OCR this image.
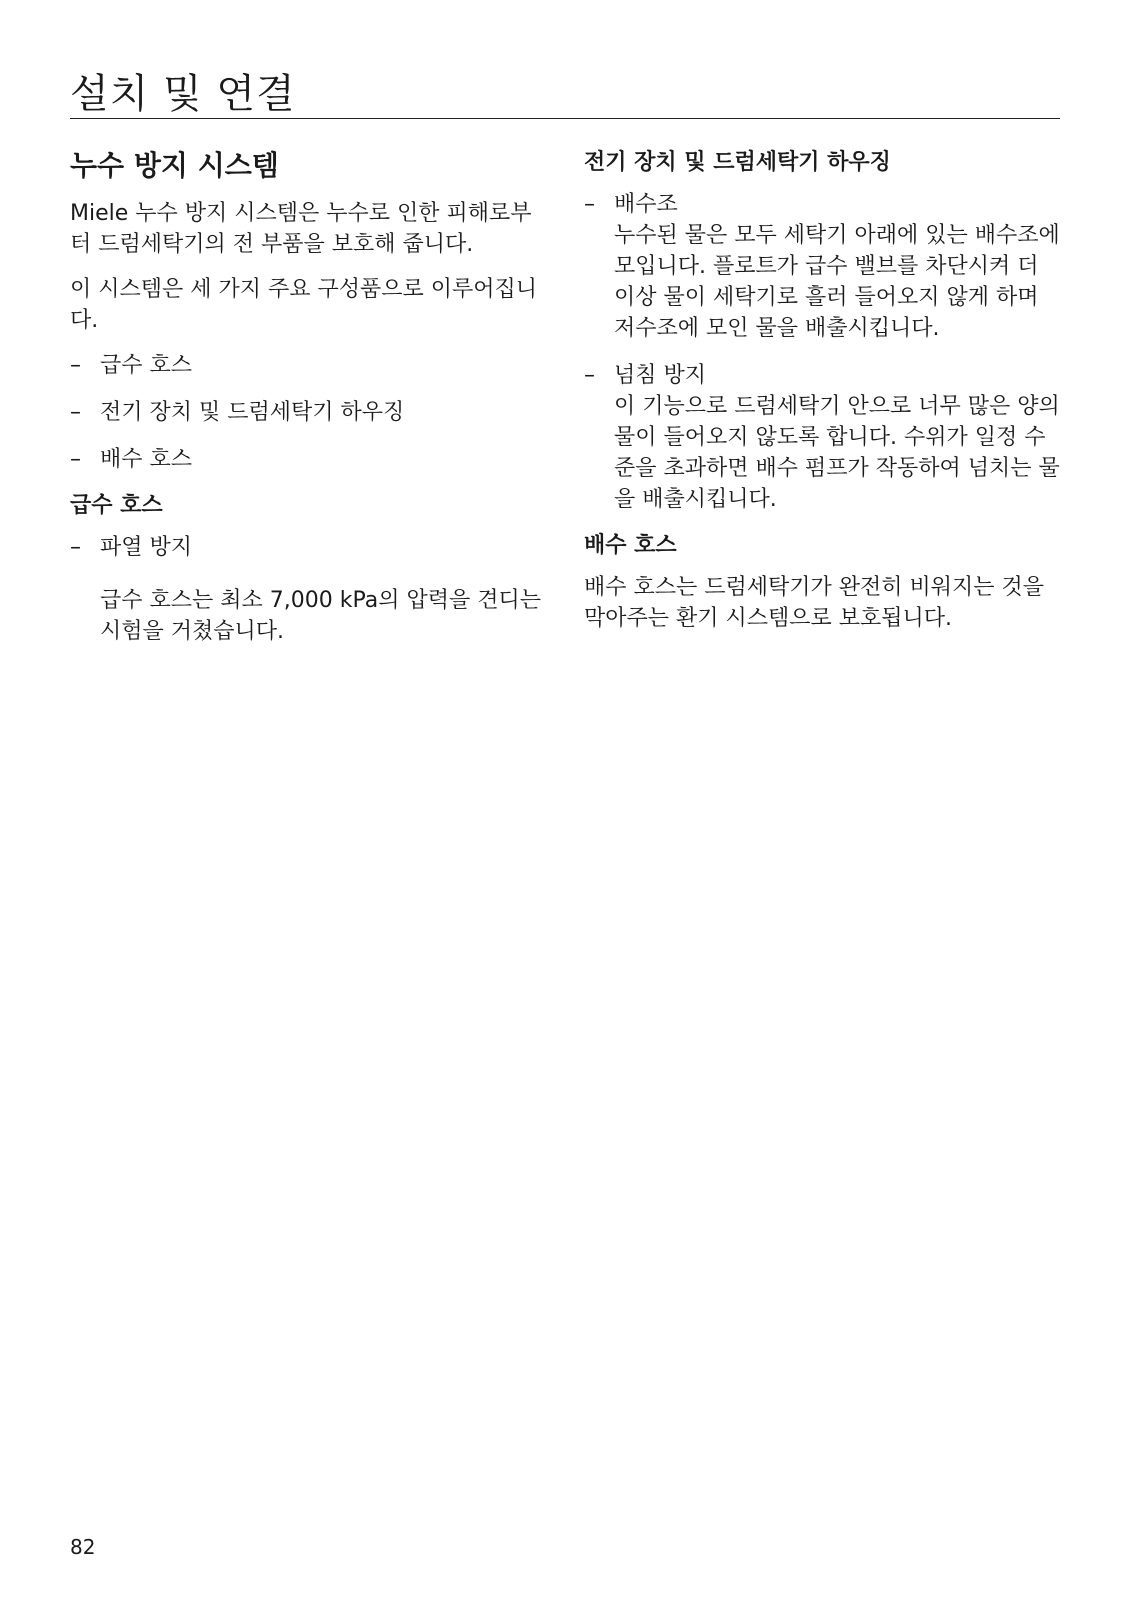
설치 및 연결
누수 방지 시스템

Miele 누수 방지 시스템은 누수로 인한 피해로부터 드럼세탁기의 전 부품을 보호해 줍니다.

이 시스템은 세 가지 주요 구성품으로 이루어집니다.

– 급수 호스
– 전기 장치 및 드럼세탁기 하우징
– 배수 호스
급수 호스
– 파열 방지

급수 호스는 최소 7,000 kPa의 압력을 견디는 시험을 거쳤습니다.

전기 장치 및 드럼세탁기 하우징
– 배수조
누수된 물은 모두 세탁기 아래에 있는 배수조에 모입니다. 플로트가 급수 밸브를 차단시켜 더 이상 물이 세탁기로 흘러 들어오지 않게 하며 저수조에 모인 물을 배출시킵니다.
– 넘침 방지
이 기능으로 드럼세탁기 안으로 너무 많은 양의 물이 들어오지 않도록 합니다. 수위가 일정 수준을 초과하면 배수 펌프가 작동하여 넘치는 물을 배출시킵니다.
배수 호스

배수 호스는 드럼세탁기가 완전히 비워지는 것을 막아주는 환기 시스템으로 보호됩니다.

82
